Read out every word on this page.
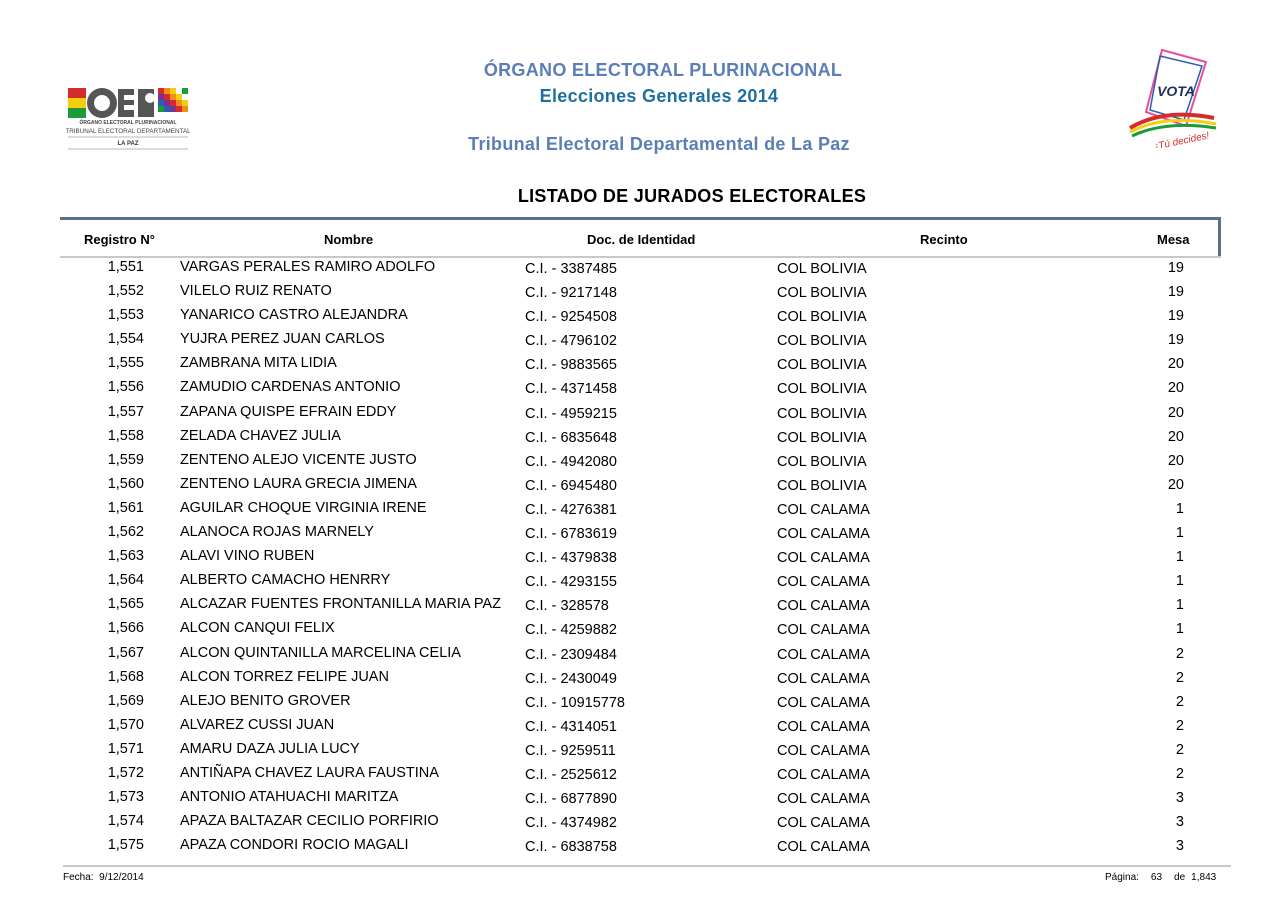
ÓRGANO ELECTORAL PLURINACIONAL
TRIBUNAL ELECTORAL DEPARTAMENTAL
LA PAZ
VOTA
¡Tú decides!
ÓRGANO ELECTORAL PLURINACIONAL
Elecciones Generales 2014
Tribunal Electoral Departamental de La Paz
LISTADO DE JURADOS ELECTORALES
Registro N°	Nombre	Doc. de Identidad	Recinto	Mesa
1,551 VARGAS PERALES RAMIRO ADOLFO	C.I. - 3387485	COL BOLIVIA	19
1,552 VILELO RUIZ RENATO	C.I. - 9217148	COL BOLIVIA	19
1,553 YANARICO CASTRO ALEJANDRA	C.I. - 9254508	COL BOLIVIA	19
1,554 YUJRA PEREZ JUAN CARLOS	C.I. - 4796102	COL BOLIVIA	19
1,555 ZAMBRANA MITA LIDIA	C.I. - 9883565	COL BOLIVIA	20
1,556 ZAMUDIO CARDENAS ANTONIO	C.I. - 4371458	COL BOLIVIA	20
1,557 ZAPANA QUISPE EFRAIN EDDY	C.I. - 4959215	COL BOLIVIA	20
1,558 ZELADA CHAVEZ JULIA	C.I. - 6835648	COL BOLIVIA	20
1,559 ZENTENO ALEJO VICENTE JUSTO	C.I. - 4942080	COL BOLIVIA	20
1,560 ZENTENO LAURA GRECIA JIMENA	C.I. - 6945480	COL BOLIVIA	20
1,561 AGUILAR CHOQUE VIRGINIA IRENE	C.I. - 4276381	COL CALAMA	1
1,562 ALANOCA ROJAS MARNELY	C.I. - 6783619	COL CALAMA	1
1,563 ALAVI VINO RUBEN	C.I. - 4379838	COL CALAMA	1
1,564 ALBERTO CAMACHO HENRRY	C.I. - 4293155	COL CALAMA	1
1,565 ALCAZAR FUENTES FRONTANILLA MARIA PAZ C.I. - 328578	COL CALAMA	1
1,566 ALCON CANQUI FELIX	C.I. - 4259882	COL CALAMA	1
1,567 ALCON QUINTANILLA MARCELINA CELIA	C.I. - 2309484	COL CALAMA	2
1,568 ALCON TORREZ FELIPE JUAN	C.I. - 2430049	COL CALAMA	2
1,569 ALEJO BENITO GROVER	C.I. - 10915778	COL CALAMA	2
1,570 ALVAREZ CUSSI JUAN	C.I. - 4314051	COL CALAMA	2
1,571 AMARU DAZA JULIA LUCY	C.I. - 9259511	COL CALAMA	2
1,572 ANTIÑAPA CHAVEZ LAURA FAUSTINA	C.I. - 2525612	COL CALAMA	2
1,573 ANTONIO ATAHUACHI MARITZA	C.I. - 6877890	COL CALAMA	3
1,574 APAZA BALTAZAR CECILIO PORFIRIO	C.I. - 4374982	COL CALAMA	3
1,575 APAZA CONDORI ROCIO MAGALI	C.I. - 6838758	COL CALAMA	3
Fecha: 9/12/2014	Página: 63 de 1,843
